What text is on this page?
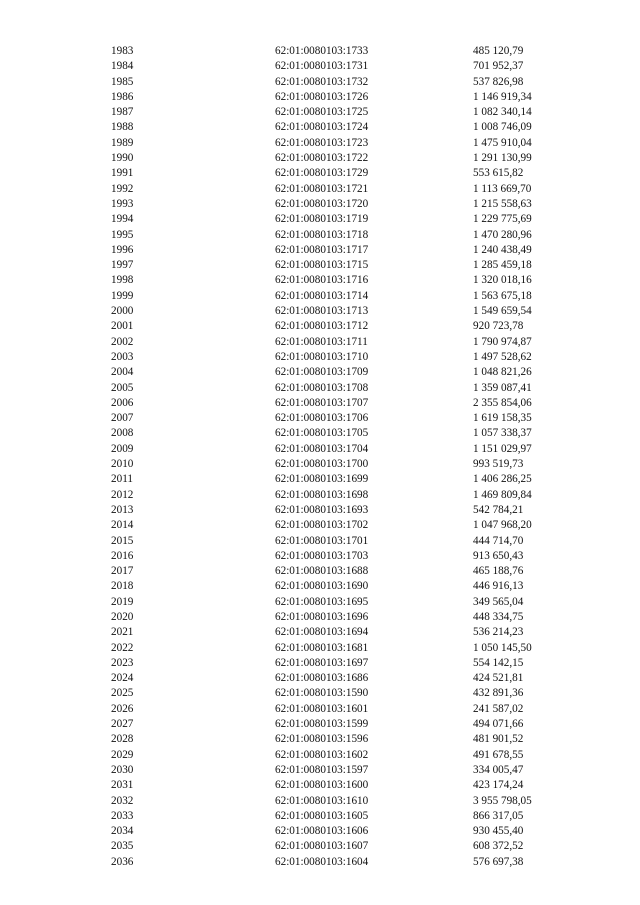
1983	62:01:0080103:1733	485 120,79
1984	62:01:0080103:1731	701 952,37
1985	62:01:0080103:1732	537 826,98
1986	62:01:0080103:1726	1 146 919,34
1987	62:01:0080103:1725	1 082 340,14
1988	62:01:0080103:1724	1 008 746,09
1989	62:01:0080103:1723	1 475 910,04
1990	62:01:0080103:1722	1 291 130,99
1991	62:01:0080103:1729	553 615,82
1992	62:01:0080103:1721	1 113 669,70
1993	62:01:0080103:1720	1 215 558,63
1994	62:01:0080103:1719	1 229 775,69
1995	62:01:0080103:1718	1 470 280,96
1996	62:01:0080103:1717	1 240 438,49
1997	62:01:0080103:1715	1 285 459,18
1998	62:01:0080103:1716	1 320 018,16
1999	62:01:0080103:1714	1 563 675,18
2000	62:01:0080103:1713	1 549 659,54
2001	62:01:0080103:1712	920 723,78
2002	62:01:0080103:1711	1 790 974,87
2003	62:01:0080103:1710	1 497 528,62
2004	62:01:0080103:1709	1 048 821,26
2005	62:01:0080103:1708	1 359 087,41
2006	62:01:0080103:1707	2 355 854,06
2007	62:01:0080103:1706	1 619 158,35
2008	62:01:0080103:1705	1 057 338,37
2009	62:01:0080103:1704	1 151 029,97
2010	62:01:0080103:1700	993 519,73
2011	62:01:0080103:1699	1 406 286,25
2012	62:01:0080103:1698	1 469 809,84
2013	62:01:0080103:1693	542 784,21
2014	62:01:0080103:1702	1 047 968,20
2015	62:01:0080103:1701	444 714,70
2016	62:01:0080103:1703	913 650,43
2017	62:01:0080103:1688	465 188,76
2018	62:01:0080103:1690	446 916,13
2019	62:01:0080103:1695	349 565,04
2020	62:01:0080103:1696	448 334,75
2021	62:01:0080103:1694	536 214,23
2022	62:01:0080103:1681	1 050 145,50
2023	62:01:0080103:1697	554 142,15
2024	62:01:0080103:1686	424 521,81
2025	62:01:0080103:1590	432 891,36
2026	62:01:0080103:1601	241 587,02
2027	62:01:0080103:1599	494 071,66
2028	62:01:0080103:1596	481 901,52
2029	62:01:0080103:1602	491 678,55
2030	62:01:0080103:1597	334 005,47
2031	62:01:0080103:1600	423 174,24
2032	62:01:0080103:1610	3 955 798,05
2033	62:01:0080103:1605	866 317,05
2034	62:01:0080103:1606	930 455,40
2035	62:01:0080103:1607	608 372,52
2036	62:01:0080103:1604	576 697,38
